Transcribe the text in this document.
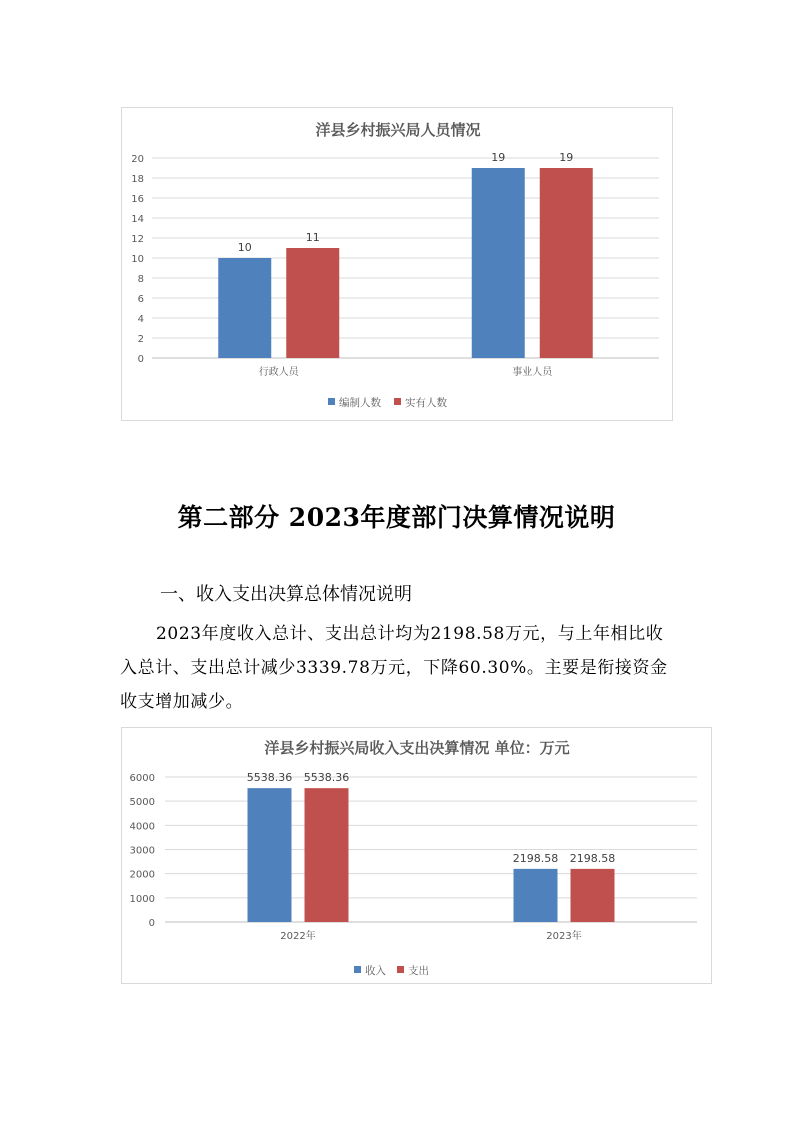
洋县乡村振兴局人员情况
0
2
4
6
8
10
12
14
16
18
20
行政人员
10
11
事业人员
19	19
编制人数 实有人数
第二部分 2023年度部门决算情况说明
一、收入支出决算总体情况说明

2023年度收入总计、支出总计均为2198.58万元，与上年相比收入总计、支出总计减少3339.78万元，下降60.30%。主要是衔接资金收支增加减少。

洋县乡村振兴局收入支出决算情况 单位：万元
0
1000
2000
3000
4000
5000
6000
2022年
5538.36 5538.36
2023年
2198.58 2198.58
收入 支出
